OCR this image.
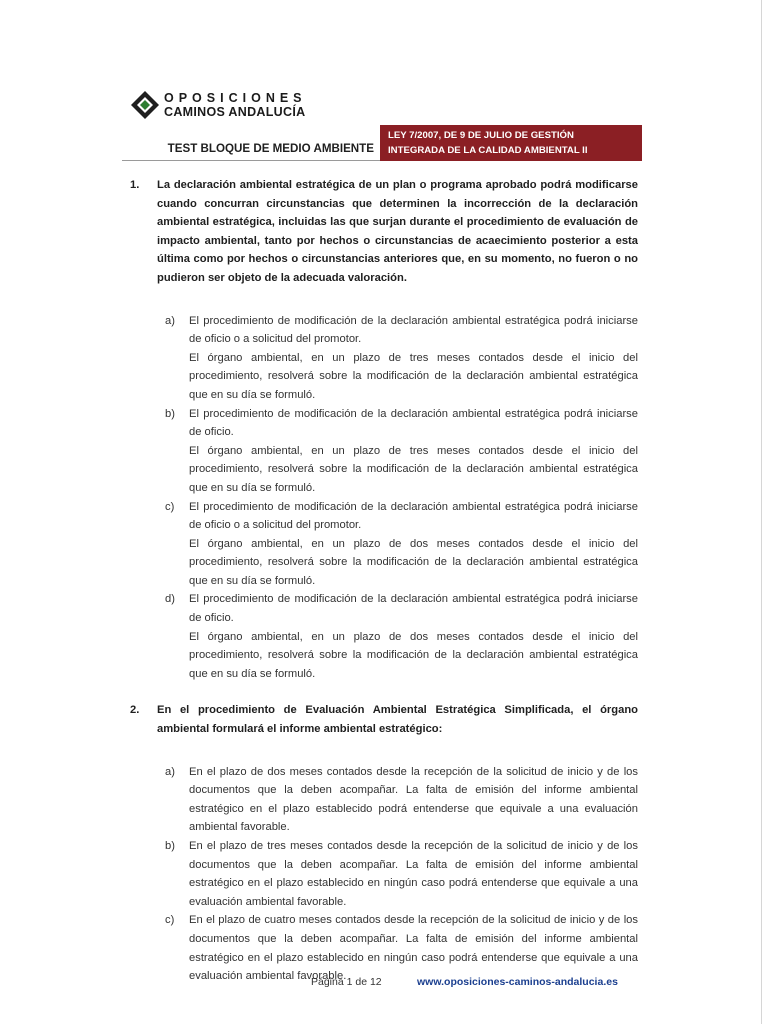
OPOSICIONES
CAMINOS ANDALUCÍA
TEST BLOQUE DE MEDIO AMBIENTE
LEY 7/2007, DE 9 DE JULIO DE GESTIÓN
INTEGRADA DE LA CALIDAD AMBIENTAL II
1. La declaración ambiental estratégica de un plan o programa aprobado podrá modificarse cuando concurran circunstancias que determinen la incorrección de la declaración ambiental estratégica, incluidas las que surjan durante el procedimiento de evaluación de impacto ambiental, tanto por hechos o circunstancias de acaecimiento posterior a esta última como por hechos o circunstancias anteriores que, en su momento, no fueron o no pudieron ser objeto de la adecuada valoración.
a) El procedimiento de modificación de la declaración ambiental estratégica podrá iniciarse de oficio o a solicitud del promotor.
El órgano ambiental, en un plazo de tres meses contados desde el inicio del procedimiento, resolverá sobre la modificación de la declaración ambiental estratégica que en su día se formuló.
b) El procedimiento de modificación de la declaración ambiental estratégica podrá iniciarse de oficio.
El órgano ambiental, en un plazo de tres meses contados desde el inicio del procedimiento, resolverá sobre la modificación de la declaración ambiental estratégica que en su día se formuló.
c) El procedimiento de modificación de la declaración ambiental estratégica podrá iniciarse de oficio o a solicitud del promotor.
El órgano ambiental, en un plazo de dos meses contados desde el inicio del procedimiento, resolverá sobre la modificación de la declaración ambiental estratégica que en su día se formuló.
d) El procedimiento de modificación de la declaración ambiental estratégica podrá iniciarse de oficio.
El órgano ambiental, en un plazo de dos meses contados desde el inicio del procedimiento, resolverá sobre la modificación de la declaración ambiental estratégica que en su día se formuló.
2. En el procedimiento de Evaluación Ambiental Estratégica Simplificada, el órgano ambiental formulará el informe ambiental estratégico:
a) En el plazo de dos meses contados desde la recepción de la solicitud de inicio y de los documentos que la deben acompañar. La falta de emisión del informe ambiental estratégico en el plazo establecido podrá entenderse que equivale a una evaluación ambiental favorable.
b) En el plazo de tres meses contados desde la recepción de la solicitud de inicio y de los documentos que la deben acompañar. La falta de emisión del informe ambiental estratégico en el plazo establecido en ningún caso podrá entenderse que equivale a una evaluación ambiental favorable.
c) En el plazo de cuatro meses contados desde la recepción de la solicitud de inicio y de los documentos que la deben acompañar. La falta de emisión del informe ambiental estratégico en el plazo establecido en ningún caso podrá entenderse que equivale a una evaluación ambiental favorable.
Página 1 de 12	www.oposiciones-caminos-andalucia.es
